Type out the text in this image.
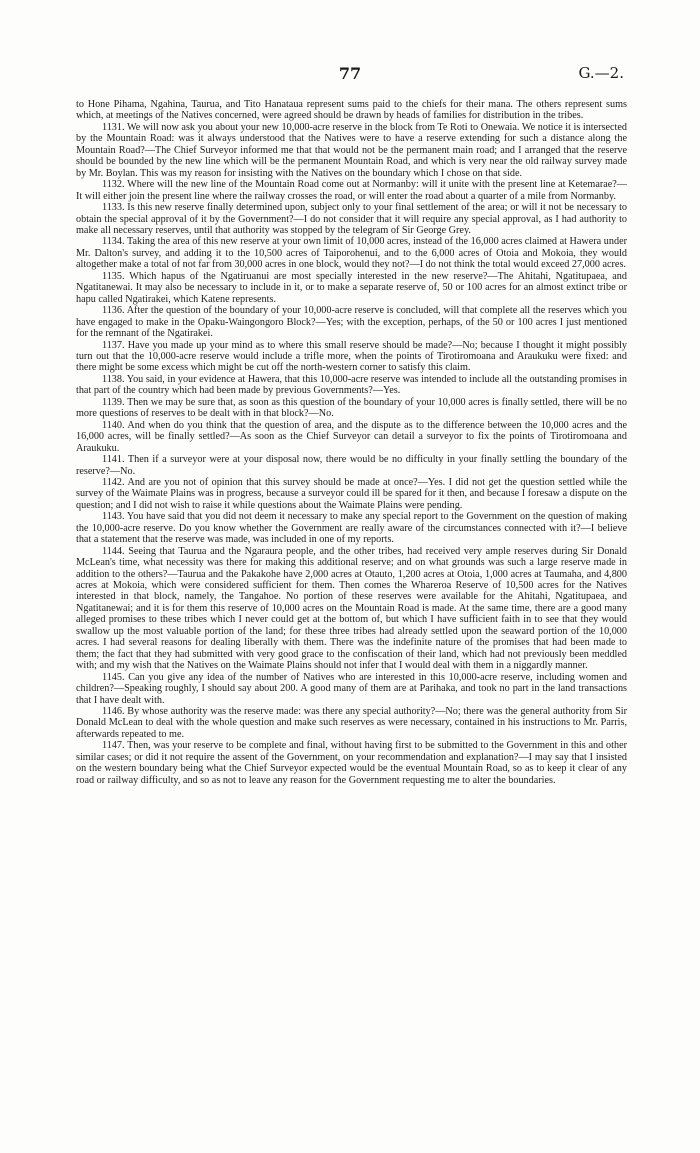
77	G.—2.

to Hone Pihama, Ngahina, Taurua, and Tito Hanataua represent sums paid to the chiefs for their mana. The others represent sums which, at meetings of the Natives concerned, were agreed should be drawn by heads of families for distribution in the tribes.

1131. We will now ask you about your new 10,000-acre reserve in the block from Te Roti to Onewaia. We notice it is intersected by the Mountain Road: was it always understood that the Natives were to have a reserve extending for such a distance along the Mountain Road?—The Chief Surveyor informed me that that would not be the permanent main road; and I arranged that the reserve should be bounded by the new line which will be the permanent Mountain Road, and which is very near the old railway survey made by Mr. Boylan. This was my reason for insisting with the Natives on the boundary which I chose on that side.

1132. Where will the new line of the Mountain Road come out at Normanby: will it unite with the present line at Ketemarae?—It will either join the present line where the railway crosses the road, or will enter the road about a quarter of a mile from Normanby.

1133. Is this new reserve finally determined upon, subject only to your final settlement of the area; or will it not be necessary to obtain the special approval of it by the Government?—I do not consider that it will require any special approval, as I had authority to make all necessary reserves, until that authority was stopped by the telegram of Sir George Grey.

1134. Taking the area of this new reserve at your own limit of 10,000 acres, instead of the 16,000 acres claimed at Hawera under Mr. Dalton's survey, and adding it to the 10,500 acres of Taiporohenui, and to the 6,000 acres of Otoia and Mokoia, they would altogether make a total of not far from 30,000 acres in one block, would they not?—I do not think the total would exceed 27,000 acres.

1135. Which hapus of the Ngatiruanui are most specially interested in the new reserve?—The Ahitahi, Ngatitupaea, and Ngatitanewai. It may also be necessary to include in it, or to make a separate reserve of, 50 or 100 acres for an almost extinct tribe or hapu called Ngatirakei, which Katene represents.

1136. After the question of the boundary of your 10,000-acre reserve is concluded, will that complete all the reserves which you have engaged to make in the Opaku-Waingongoro Block?—Yes; with the exception, perhaps, of the 50 or 100 acres I just mentioned for the remnant of the Ngatirakei.

1137. Have you made up your mind as to where this small reserve should be made?—No; because I thought it might possibly turn out that the 10,000-acre reserve would include a trifle more, when the points of Tirotiromoana and Araukuku were fixed: and there might be some excess which might be cut off the north-western corner to satisfy this claim.

1138. You said, in your evidence at Hawera, that this 10,000-acre reserve was intended to include all the outstanding promises in that part of the country which had been made by previous Governments?—Yes.

1139. Then we may be sure that, as soon as this question of the boundary of your 10,000 acres is finally settled, there will be no more questions of reserves to be dealt with in that block?—No.

1140. And when do you think that the question of area, and the dispute as to the difference between the 10,000 acres and the 16,000 acres, will be finally settled?—As soon as the Chief Surveyor can detail a surveyor to fix the points of Tirotiromoana and Araukuku.

1141. Then if a surveyor were at your disposal now, there would be no difficulty in your finally settling the boundary of the reserve?—No.

1142. And are you not of opinion that this survey should be made at once?—Yes. I did not get the question settled while the survey of the Waimate Plains was in progress, because a surveyor could ill be spared for it then, and because I foresaw a dispute on the question; and I did not wish to raise it while questions about the Waimate Plains were pending.

1143. You have said that you did not deem it necessary to make any special report to the Government on the question of making the 10,000-acre reserve. Do you know whether the Government are really aware of the circumstances connected with it?—I believe that a statement that the reserve was made, was included in one of my reports.

1144. Seeing that Taurua and the Ngaraura people, and the other tribes, had received very ample reserves during Sir Donald McLean's time, what necessity was there for making this additional reserve; and on what grounds was such a large reserve made in addition to the others?—Taurua and the Pakakohe have 2,000 acres at Otauto, 1,200 acres at Otoia, 1,000 acres at Taumaha, and 4,800 acres at Mokoia, which were considered sufficient for them. Then comes the Whareroa Reserve of 10,500 acres for the Natives interested in that block, namely, the Tangahoe. No portion of these reserves were available for the Ahitahi, Ngatitupaea, and Ngatitanewai; and it is for them this reserve of 10,000 acres on the Mountain Road is made. At the same time, there are a good many alleged promises to these tribes which I never could get at the bottom of, but which I have sufficient faith in to see that they would swallow up the most valuable portion of the land; for these three tribes had already settled upon the seaward portion of the 10,000 acres. I had several reasons for dealing liberally with them. There was the indefinite nature of the promises that had been made to them; the fact that they had submitted with very good grace to the confiscation of their land, which had not previously been meddled with; and my wish that the Natives on the Waimate Plains should not infer that I would deal with them in a niggardly manner.

1145. Can you give any idea of the number of Natives who are interested in this 10,000-acre reserve, including women and children?—Speaking roughly, I should say about 200. A good many of them are at Parihaka, and took no part in the land transactions that I have dealt with.

1146. By whose authority was the reserve made: was there any special authority?—No; there was the general authority from Sir Donald McLean to deal with the whole question and make such reserves as were necessary, contained in his instructions to Mr. Parris, afterwards repeated to me.

1147. Then, was your reserve to be complete and final, without having first to be submitted to the Government in this and other similar cases; or did it not require the assent of the Government, on your recommendation and explanation?—I may say that I insisted on the western boundary being what the Chief Surveyor expected would be the eventual Mountain Road, so as to keep it clear of any road or railway difficulty, and so as not to leave any reason for the Government requesting me to alter the boundaries.
